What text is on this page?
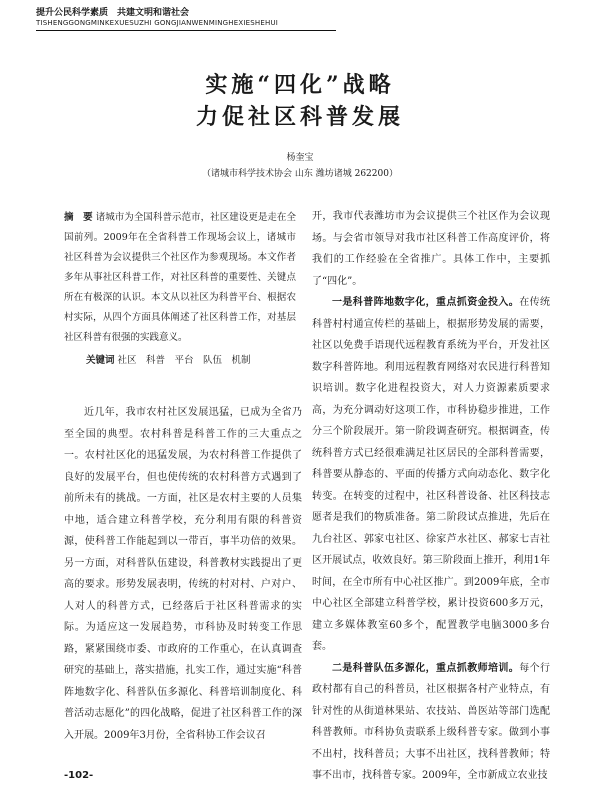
提升公民科学素质　共建文明和谐社会
TISHENGGONGMINKEXUESUZHI GONGJIANWENMINGHEXIESHEHUI
实施“四化”战略
力促社区科普发展
杨奎宝
（诸城市科学技术协会 山东 潍坊诸城 262200）
摘　要 诸城市为全国科普示范市，社区建设更是走在全国前列。2009年在全省科普工作现场会议上，诸城市社区科普为会议提供三个社区作为参观现场。本文作者多年从事社区科普工作，对社区科普的重要性、关键点所在有极深的认识。本文从以社区为科普平台、根据农村实际，从四个方面具体阐述了社区科普工作，对基层社区科普有很强的实践意义。
关键词 社区　科普　平台　队伍　机制

近几年，我市农村社区发展迅猛，已成为全省乃至全国的典型。农村科普是科普工作的三大重点之一。农村社区化的迅猛发展，为农村科普工作提供了良好的发展平台，但也使传统的农村科普方式遇到了前所未有的挑战。一方面，社区是农村主要的人员集中地，适合建立科普学校，充分利用有限的科普资源，使科普工作能起到以一带百，事半功倍的效果。另一方面，对科普队伍建设，科普教材实践提出了更高的要求。形势发展表明，传统的村对村、户对户、人对人的科普方式，已经落后于社区科普需求的实际。为适应这一发展趋势，市科协及时转变工作思路，紧紧围绕市委、市政府的工作重心，在认真调查研究的基础上，落实措施，扎实工作，通过实施“科普阵地数字化、科普队伍多源化、科普培训制度化、科普活动志愿化”的四化战略，促进了社区科普工作的深入开展。2009年3月份，全省科协工作会议召

开，我市代表潍坊市为会议提供三个社区作为会议现场。与会省市领导对我市社区科普工作高度评价，将我们的工作经验在全省推广。具体工作中，主要抓了“四化”。

一是科普阵地数字化，重点抓资金投入。在传统科普村村通宣传栏的基础上，根据形势发展的需要，社区以免费手语现代远程教育系统为平台，开发社区数字科普阵地。利用远程教育网络对农民进行科普知识培训。数字化进程投资大，对人力资源素质要求高，为充分调动好这项工作，市科协稳步推进，工作分三个阶段展开。第一阶段调查研究。根据调查，传统科普方式已经很难满足社区居民的全部科普需要，科普要从静态的、平面的传播方式向动态化、数字化转变。在转变的过程中，社区科普设备、社区科技志愿者是我们的物质准备。第二阶段试点推进，先后在九台社区、郭家屯社区、徐家芦水社区、郝家七吉社区开展试点，收效良好。第三阶段面上推开，利用1年时间，在全市所有中心社区推广。到2009年底，全市中心社区全部建立科普学校，累计投资600多万元，建立多媒体教室60多个，配置教学电脑3000多台套。

二是科普队伍多源化，重点抓教师培训。每个行政村都有自己的科普员，社区根据各村产业特点，有针对性的从街道林果站、农技站、兽医站等部门选配科普教师。市科协负责联系上级科普专家。做到小事不出村，找科普员；大事不出社区，找科普教师；特事不出市，找科普专家。2009年，全市新成立农业技

-102-
